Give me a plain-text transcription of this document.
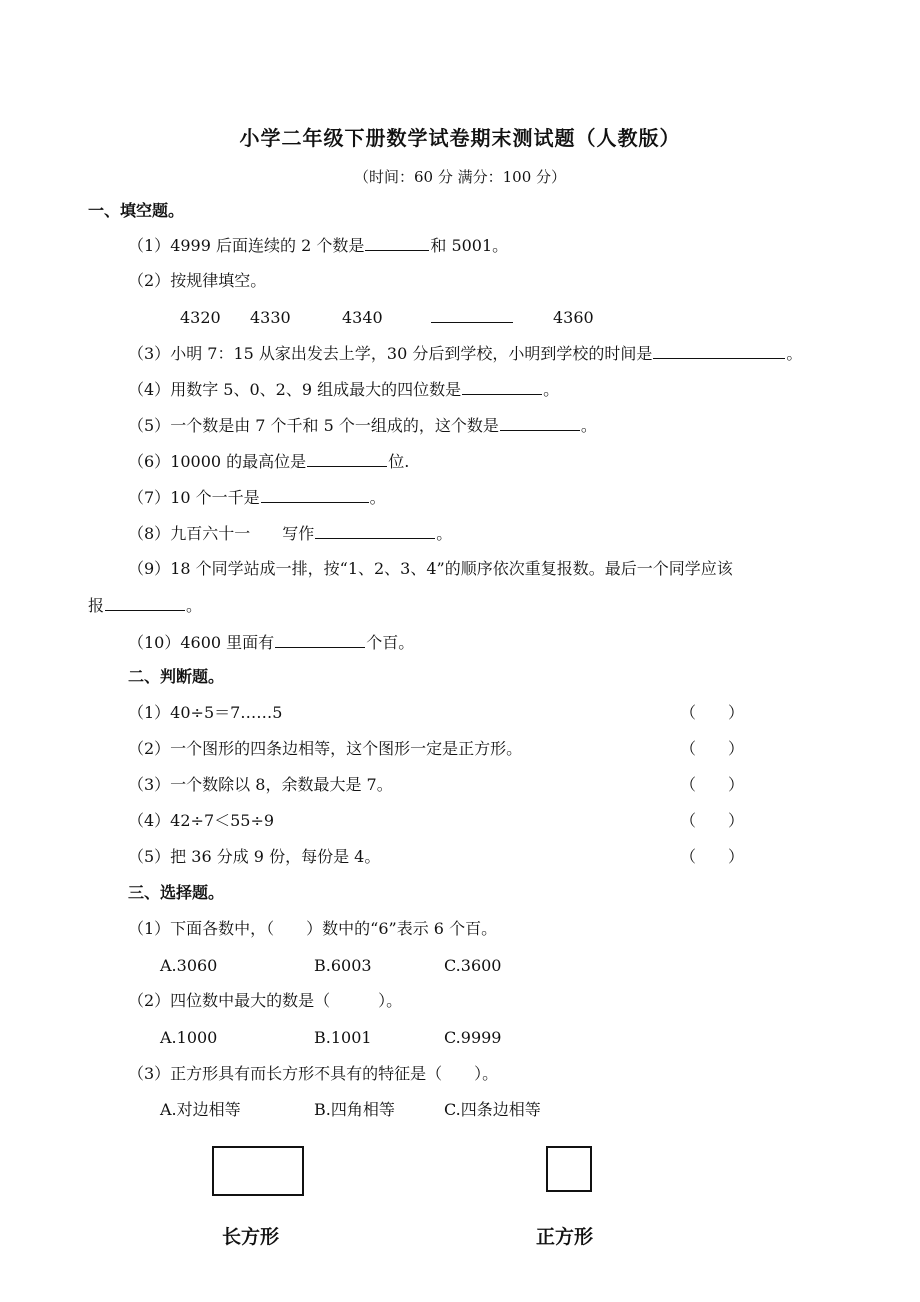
小学二年级下册数学试卷期末测试题（人教版）
（时间：60 分 满分：100 分）
一、填空题。
（1）4999 后面连续的 2 个数是	和 5001。
（2）按规律填空。
4320 4330	4340	4360
（3）小明 7：15 从家出发去上学，30 分后到学校，小明到学校的时间是	。
（4）用数字 5、0、2、9 组成最大的四位数是	。
（5）一个数是由 7 个千和 5 个一组成的，这个数是	。
（6）10000 的最高位是	位.
（7）10 个一千是	。
（8）九百六十一　　写作	。
（9）18 个同学站成一排，按“1、2、3、4”的顺序依次重复报数。最后一个同学应该
报	。
（10）4600 里面有	个百。
二、判断题。
（1）40÷5＝7……5	（　　）
（2）一个图形的四条边相等，这个图形一定是正方形。	（　　）
（3）一个数除以 8，余数最大是 7。	（　　）
（4）42÷7＜55÷9	（　　）
（5）把 36 分成 9 份，每份是 4。	（　　）
三、选择题。
（1）下面各数中，（　　）数中的“6”表示 6 个百。
A.3060	B.6003	C.3600
（2）四位数中最大的数是（　　　）。
A.1000	B.1001	C.9999
（3）正方形具有而长方形不具有的特征是（　　）。
A.对边相等	B.四角相等	C.四条边相等
长方形	正方形
